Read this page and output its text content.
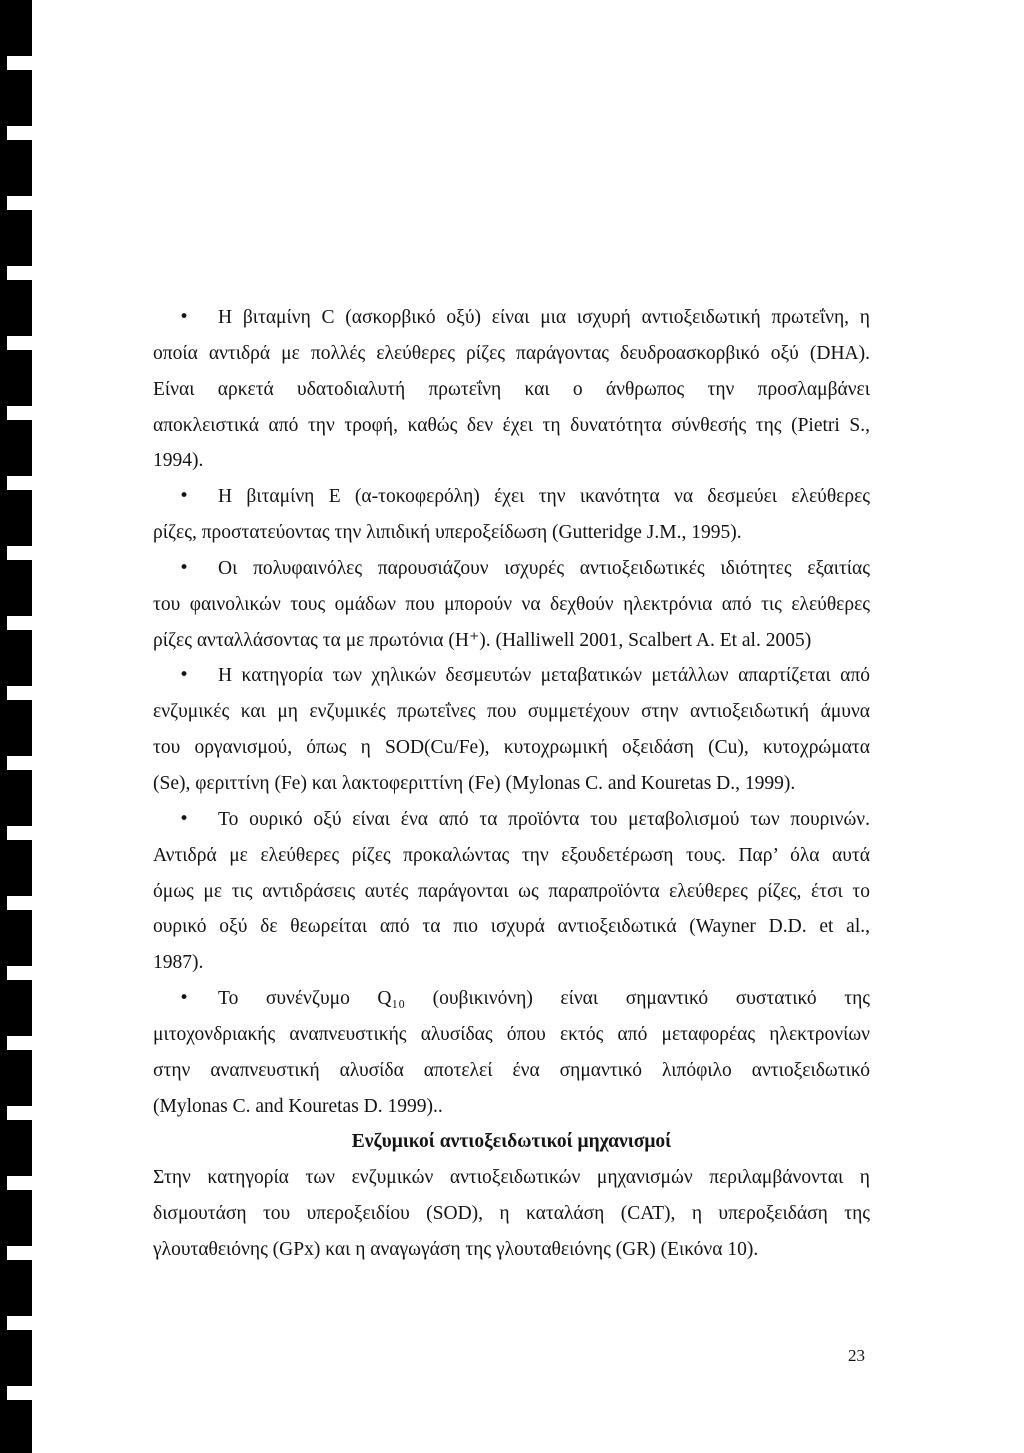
• Η βιταμίνη C (ασκορβικό οξύ) είναι μια ισχυρή αντιοξειδωτική πρωτεΐνη, η
οποία αντιδρά με πολλές ελεύθερες ρίζες παράγοντας δευδροασκορβικό οξύ (DHA).
Είναι αρκετά υδατοδιαλυτή πρωτεΐνη και ο άνθρωπος την προσλαμβάνει
αποκλειστικά από την τροφή, καθώς δεν έχει τη δυνατότητα σύνθεσής της (Pietri S.,
1994).
• Η βιταμίνη E (α-τοκοφερόλη) έχει την ικανότητα να δεσμεύει ελεύθερες
ρίζες, προστατεύοντας την λιπιδική υπεροξείδωση (Gutteridge J.M., 1995).
• Οι πολυφαινόλες παρουσιάζουν ισχυρές αντιοξειδωτικές ιδιότητες εξαιτίας
του φαινολικών τους ομάδων που μπορούν να δεχθούν ηλεκτρόνια από τις ελεύθερες
ρίζες ανταλλάσοντας τα με πρωτόνια (H⁺). (Halliwell 2001, Scalbert A. Et al. 2005)
• Η κατηγορία των χηλικών δεσμευτών μεταβατικών μετάλλων απαρτίζεται από
ενζυμικές και μη ενζυμικές πρωτεΐνες που συμμετέχουν στην αντιοξειδωτική άμυνα
του οργανισμού, όπως η SOD(Cu/Fe), κυτοχρωμική οξειδάση (Cu), κυτοχρώματα
(Se), φεριττίνη (Fe) και λακτοφεριττίνη (Fe) (Mylonas C. and Kouretas D., 1999).
• Το ουρικό οξύ είναι ένα από τα προϊόντα του μεταβολισμού των πουρινών.
Αντιδρά με ελεύθερες ρίζες προκαλώντας την εξουδετέρωση τους. Παρ’ όλα αυτά
όμως με τις αντιδράσεις αυτές παράγονται ως παραπροϊόντα ελεύθερες ρίζες, έτσι το
ουρικό οξύ δε θεωρείται από τα πιο ισχυρά αντιοξειδωτικά (Wayner D.D. et al.,
1987).
• Το συνένζυμο Q₁₀ (ουβικινόνη) είναι σημαντικό συστατικό της
μιτοχονδριακής αναπνευστικής αλυσίδας όπου εκτός από μεταφορέας ηλεκτρονίων
στην αναπνευστική αλυσίδα αποτελεί ένα σημαντικό λιπόφιλο αντιοξειδωτικό
(Mylonas C. and Kouretas D. 1999)..
Ενζυμικοί αντιοξειδωτικοί μηχανισμοί
Στην κατηγορία των ενζυμικών αντιοξειδωτικών μηχανισμών περιλαμβάνονται η
δισμουτάση του υπεροξειδίου (SOD), η καταλάση (CAT), η υπεροξειδάση της
γλουταθειόνης (GPx) και η αναγωγάση της γλουταθειόνης (GR) (Εικόνα 10).
23
